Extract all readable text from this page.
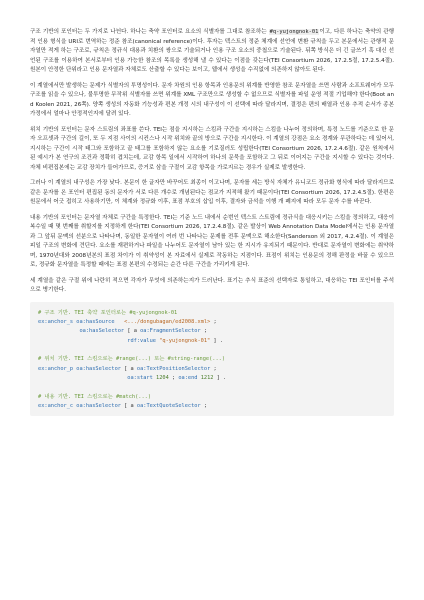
구조 기반의 포인터는 두 가지로 나뉜다. 하나는 축약 포인터로 요소의 식별자를 그대로 참조하는 #q-yujongnok-01이고, 다른 하나는 축약의 관행적 인용 형식을 URI로 번역하는 정준 참조(canonical reference)이다. 후자는 텍스트의 정준 체계에 선언에 변환 규칙을 두고 본문에서는 관행적 문자열만 적게 하는 구조로, 규칙은 정규식 대용과 치환의 쌍으로 기술되거나 인용 구조 요소의 중첩으로 기술된다. 뒤쪽 방식은 더 긴 글쓰기 혹 대신 선언된 구조를 이용하여 본서로부터 인용 가능한 참조의 목록을 생성해 낼 수 있다는 이점을 갖는다(TEI Consortium 2026, 17.2.5절, 17.2.5.4절). 원본이 안정한 단위라고 인용 문자열과 자체로도 산출할 수 있다는 보이고, 웹에서 생성을 수직없에 의존하지 않아도 된다.

이 계열에서만 발생하는 문제가 식별자의 투명성이다. 문자 차원의 인용 항목과 인용문의 위계를 반영한 참조 문자열을 쓰면 사람과 소프트웨어가 모두 구조를 읽을 수 있으나, 불투명한 무작위 식별자를 쓰면 위계를 XML 구조만으로 생성할 수 없으므로 식별자를 파일 운영 적절 기업해야 한다(Boot and Koolen 2021, 26쪽). 양쪽 생성의 자동화 기능성과 편본 개정 시의 내구성이 이 선택에 따라 달라지며, 결정은 편의 배열과 인용 추적 순서가 종본 가정에서 얼마나 안정적인지에 달려 있다.

위치 기반의 포인터는 문자 스트림의 좌표를 쓴다. TEI는 점을 지시하는 스킴과 구간을 지시하는 스킴을 나누어 정의하며, 특정 노드를 기준으로 한 문자 오프셋과 구간의 길이, 또 두 지점 사이의 시컨스나 시작 위치와 끝의 방으로 구간을 지시한다. 이 계열의 강점은 요소 경계와 무관하다는 데 있어서, 지시하는 구간이 시작 태그와 포함하고 끝 태그를 포함하지 않는 요소를 기로질러도 성립한다(TEI Consortium 2026, 17.2.4.6절). 같은 원칙에서 된 예시가 본 연구의 조건과 정확히 겹치는데, 교감 항목 일에서 시작하여 하나의 문묵을 포함하고 그 뒤로 이어지는 구간을 지시할 수 있다는 것이다. 자체 비편집본에는 교감 장치가 들어가므로, 증거로 삼을 구절이 교감 항목을 가로지르는 경우가 실제로 발생한다.

그러나 이 계열의 내구성은 가장 낮다. 본문이 한 글자만 바꾸어도 최종이 이고나며, 문자를 세는 방식 자체가 유니코드 정규화 형식에 따라 달라지므로 같은 문자를 온 포인터 편집된 동의 문자가 서로 다른 개수로 개념된다는 점교가 지적해 왔기 때문이다(TEI Consortium 2026, 17.2.4.5절). 한편은 원문에서 어긋 접히고 사용하기만, 이 체계와 정규화 이후, 표점 부호의 삽입 이후, 결자와 금석을 이행 개 폐지에 따라 모두 문자 수를 바꾼다.

내용 기반의 포인터는 문자열 자체로 구간을 특정한다. TEI는 기준 노드 내에서 순번인 텍스트 스트림에 정규식을 대응시키는 스킴을 정의하고, 대응이 복수일 때 몇 번째를 취할지를 지정하게 한다(TEI Consortium 2026, 17.2.4.8절). 같은 발상이 Web Annotation Data Model에서는 인용 문자열과 그 앞뒤 문맥의 선분으로 나타나며, 동일한 문자열이 여러 번 나타나는 문제를 전후 문맥으로 해소한다(Sanderson 외 2017, 4.2.4절). 이 계열은 피일 구조의 변화에 견딘다. 요소를 재편하거나 파일을 나누어도 문자열이 남아 있는 한 지시가 유지되기 때문이다. 반대로 문자열이 변화에는 취약하며, 1970년대와 2008년본의 표점 차이가 이 취약성이 본 자료에서 실제로 작동하는 지점이다. 표점이 위치는 인용문의 정해 판정을 바꿀 수 있으므로, 정규화 문자열을 특정할 때에는 표점 본편의 수정되는 순간 다른 구간을 가리키게 된다.

세 계열을 같은 구절 위에 나란히 적으면 각자가 무엇에 의존하는지가 드러난다. 표기는 추식 표준의 선택자로 통일하고, 대응하는 TEI 포인터를 주석으로 병기한다.

# 구조 기반. TEI 축약 포인터로는 #q-yujongnok-01
ex:anchor_s oa:hasSource <.../dongubagan/ed2008.xml> ;
oa:hasSelector [ a oa:FragmentSelector ;
rdf:value "q-yujongnok-01" ] .
# 위치 기반. TEI 스킴으로는 #range(...) 또는 #string-range(...)
ex:anchor_p oa:hasSelector [ a oa:TextPositionSelector ;
oa:start 1204 ; oa:end 1212 ] .
# 내용 기반. TEI 스킴으로는 #match(...)
ex:anchor_c oa:hasSelector [ a oa:TextQuoteSelector ;
